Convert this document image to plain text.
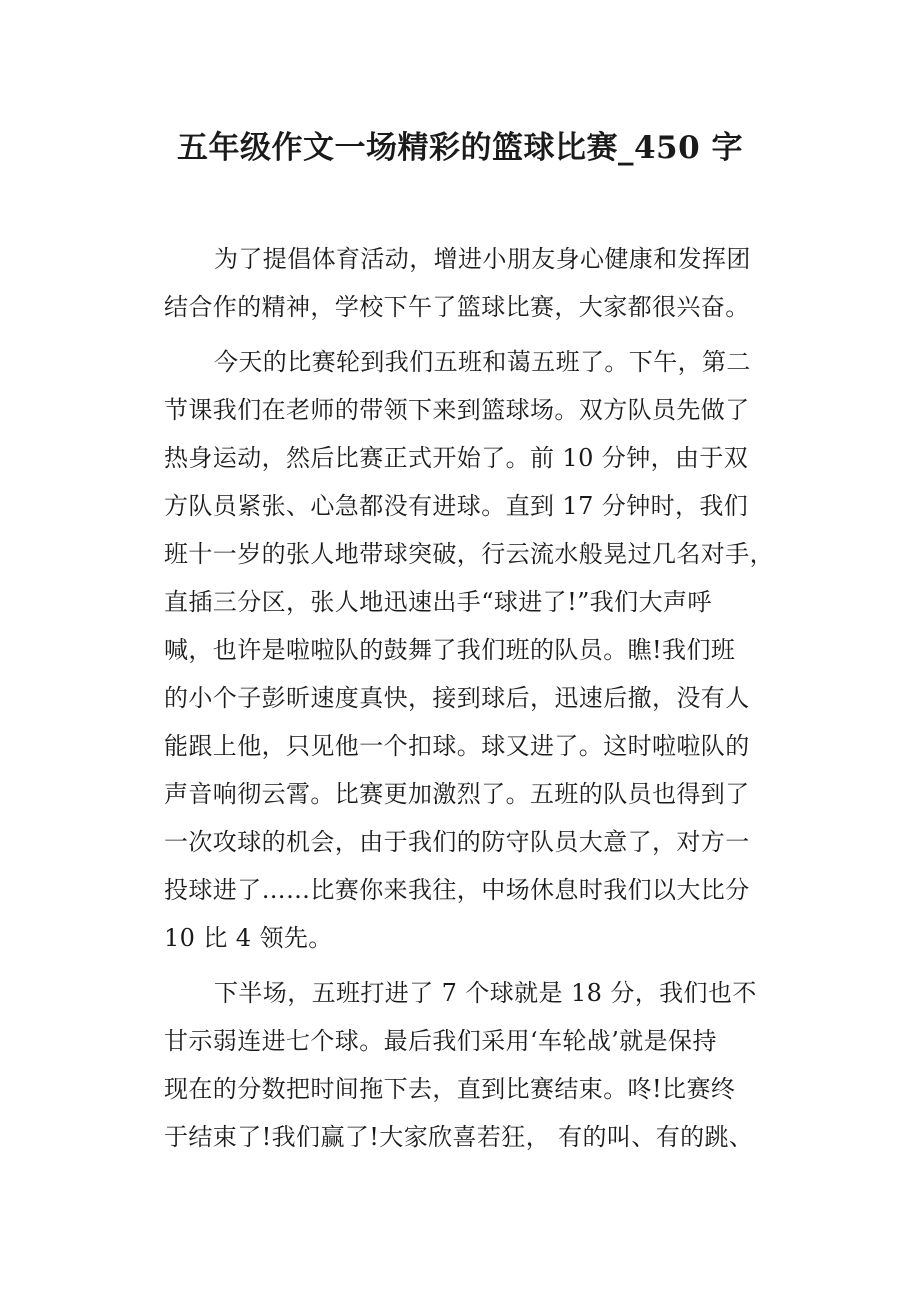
五年级作文一场精彩的篮球比赛_450 字
为了提倡体育活动，增进小朋友身心健康和发挥团
结合作的精神，学校下午了篮球比赛，大家都很兴奋。
今天的比赛轮到我们五班和蔼五班了。下午，第二
节课我们在老师的带领下来到篮球场。双方队员先做了
热身运动，然后比赛正式开始了。前 10 分钟，由于双
方队员紧张、心急都没有进球。直到 17 分钟时，我们
班十一岁的张人地带球突破，行云流水般晃过几名对手，
直插三分区，张人地迅速出手“球进了!”我们大声呼
喊，也许是啦啦队的鼓舞了我们班的队员。瞧!我们班
的小个子彭昕速度真快，接到球后，迅速后撤，没有人
能跟上他，只见他一个扣球。球又进了。这时啦啦队的
声音响彻云霄。比赛更加激烈了。五班的队员也得到了
一次攻球的机会，由于我们的防守队员大意了，对方一
投球进了……比赛你来我往，中场休息时我们以大比分
10 比 4 领先。
下半场，五班打进了 7 个球就是 18 分，我们也不
甘示弱连进七个球。最后我们采用‘车轮战’就是保持
现在的分数把时间拖下去，直到比赛结束。咚!比赛终
于结束了!我们赢了!大家欣喜若狂， 有的叫、有的跳、
